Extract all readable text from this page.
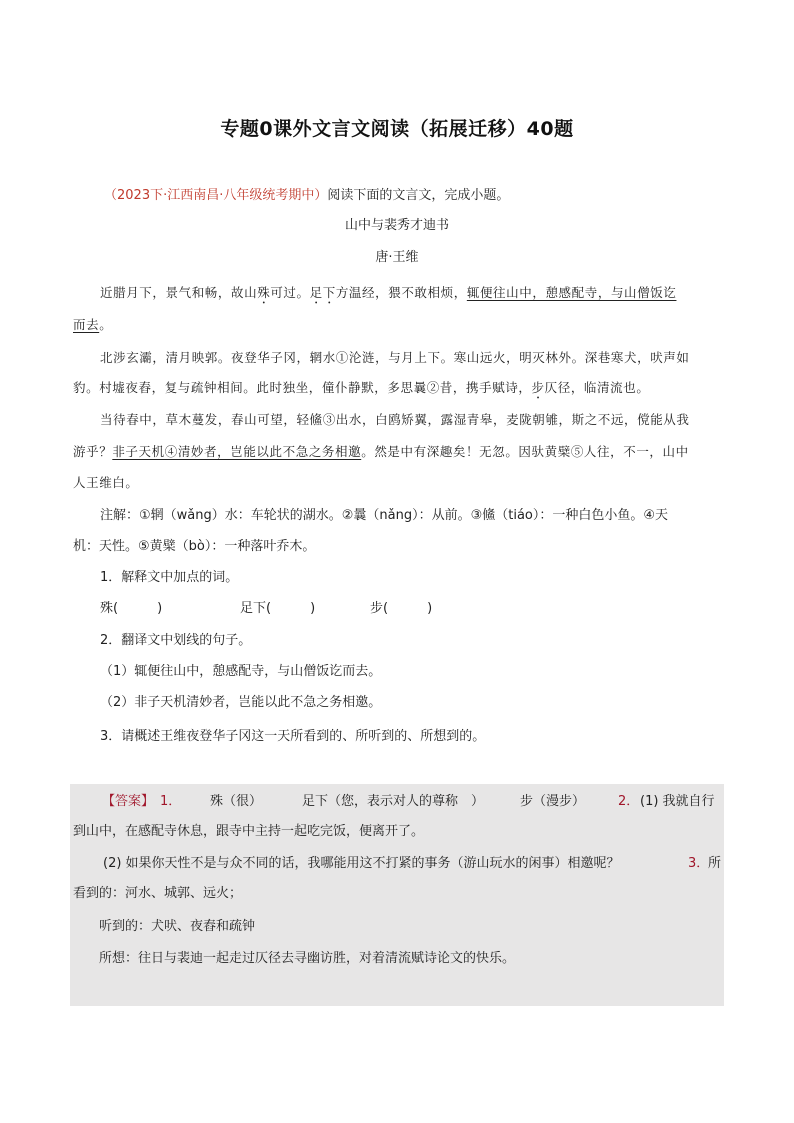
专题0课外文言文阅读（拓展迁移）40题
（2023下·江西南昌·八年级统考期中）阅读下面的文言文，完成小题。
山中与裴秀才迪书
唐·王维
近腊月下，景气和畅，故山殊可过。足下方温经，猥不敢相烦，辄便往山中，憩感配寺，与山僧饭讫
而去。
北涉玄灞，清月映郭。夜登华子冈，辋水①沦涟，与月上下。寒山远火，明灭林外。深巷寒犬，吠声如
豹。村墟夜舂，复与疏钟相间。此时独坐，僮仆静默，多思曩②昔，携手赋诗，步仄径，临清流也。
当待春中，草木蔓发，春山可望，轻鯈③出水，白鸥矫翼，露湿青皋，麦陇朝雊，斯之不远，傥能从我
游乎？非子天机④清妙者，岂能以此不急之务相邀。然是中有深趣矣！无忽。因驮黄檗⑤人往，不一，山中
人王维白。
注解：①辋（wǎng）水：车轮状的湖水。②曩（nǎng）：从前。③鯈（tiáo）：一种白色小鱼。④天
机：天性。⑤黄檗（bò）：一种落叶乔木。
1．解释文中加点的词。
殊(　　　)	足下(　　　)	步(　　　)
2．翻译文中划线的句子。
（1）辄便往山中，憩感配寺，与山僧饭讫而去。
（2）非子天机清妙者，岂能以此不急之务相邀。
3．请概述王维夜登华子冈这一天所看到的、所听到的、所想到的。
【答案】 1． 殊（很）	足下（您，表示对人的尊称　）	步（漫步）	2． (1) 我就自行
到山中，在感配寺休息，跟寺中主持一起吃完饭，便离开了。
(2) 如果你天性不是与众不同的话，我哪能用这不打紧的事务（游山玩水的闲事）相邀呢？	3．
所
看到的：河水、城郭、远火；
听到的：犬吠、夜舂和疏钟
所想：往日与裴迪一起走过仄径去寻幽访胜，对着清流赋诗论文的快乐。
